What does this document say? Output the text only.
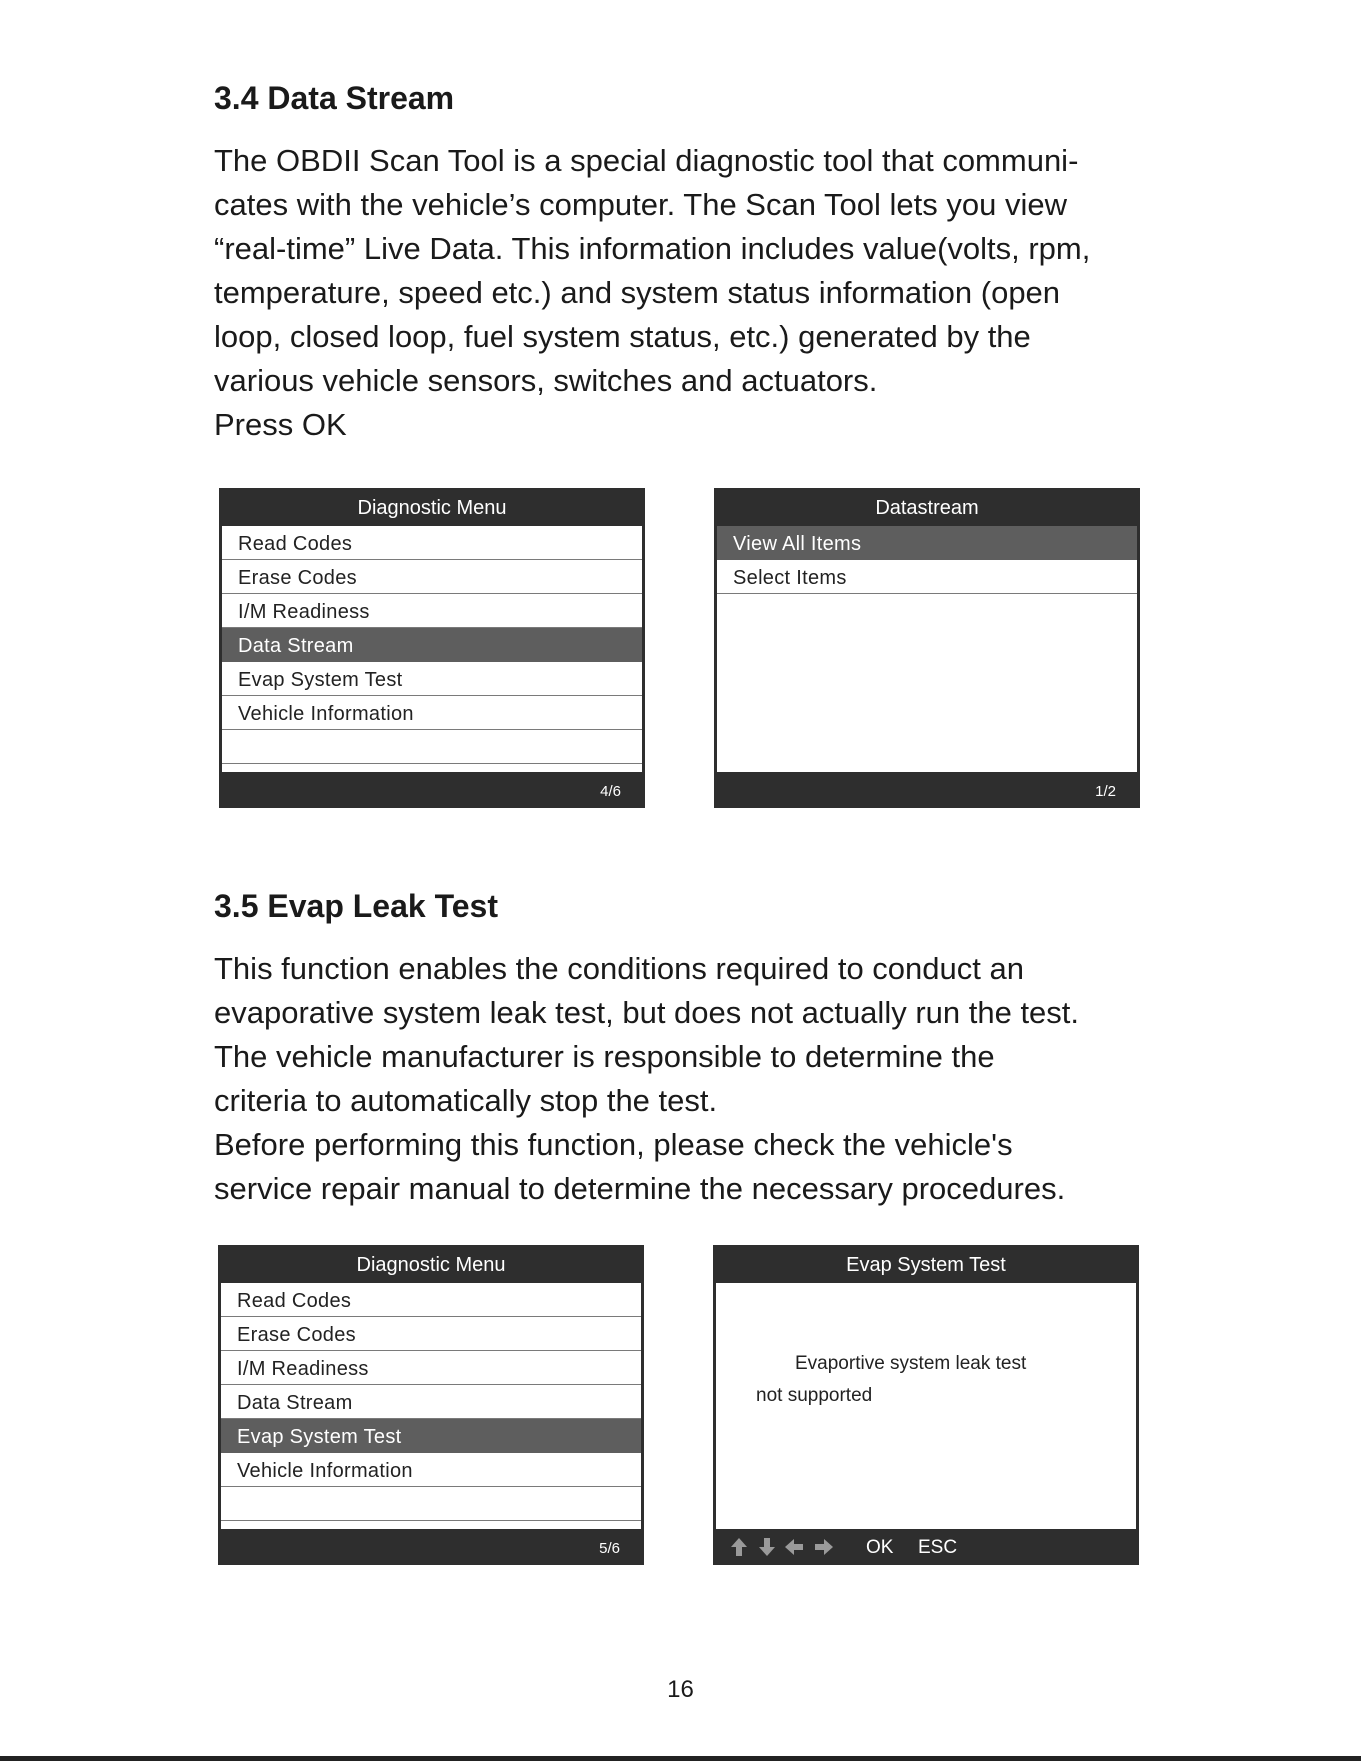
3.4 Data Stream

The OBDII Scan Tool is a special diagnostic tool that communi-
cates with the vehicle’s computer. The Scan Tool lets you view
“real-time” Live Data. This information includes value(volts, rpm,
temperature, speed etc.) and system status information (open
loop, closed loop, fuel system status, etc.) generated by the
various vehicle sensors, switches and actuators.
Press OK

Diagnostic Menu
Read Codes
Erase Codes
I/M Readiness
Data Stream
Evap System Test
Vehicle Information
4/6
Datastream
View All Items
Select Items
1/2
3.5 Evap Leak Test

This function enables the conditions required to conduct an
evaporative system leak test, but does not actually run the test.
The vehicle manufacturer is responsible to determine the
criteria to automatically stop the test.
Before performing this function, please check the vehicle's
service repair manual to determine the necessary procedures.

Diagnostic Menu
Read Codes
Erase Codes
I/M Readiness
Data Stream
Evap System Test
Vehicle Information
5/6
Evap System Test
Evaportive system leak test
not supported
OK ESC
16
